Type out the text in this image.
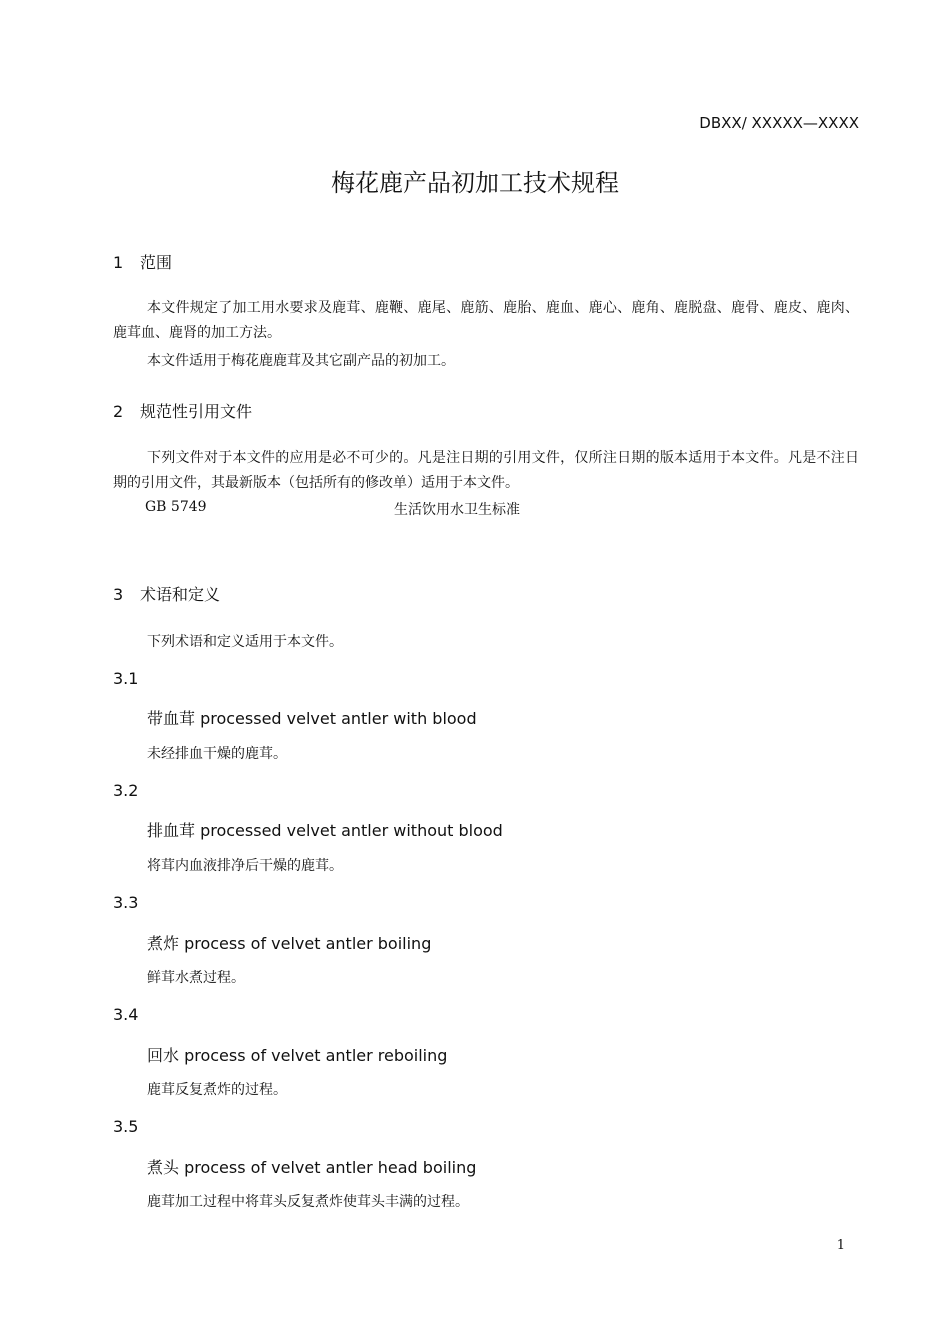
DBXX/ XXXXX—XXXX
梅花鹿产品初加工技术规程
1 范围
本文件规定了加工用水要求及鹿茸、鹿鞭、鹿尾、鹿筋、鹿胎、鹿血、鹿心、鹿角、鹿脱盘、鹿骨、鹿皮、鹿肉、鹿茸血、鹿肾的加工方法。
本文件适用于梅花鹿鹿茸及其它副产品的初加工。
2 规范性引用文件
下列文件对于本文件的应用是必不可少的。凡是注日期的引用文件，仅所注日期的版本适用于本文件。凡是不注日期的引用文件，其最新版本（包括所有的修改单）适用于本文件。
GB 5749	生活饮用水卫生标准
3 术语和定义
下列术语和定义适用于本文件。
3.1
带血茸 processed velvet antler with blood
未经排血干燥的鹿茸。
3.2
排血茸 processed velvet antler without blood
将茸内血液排净后干燥的鹿茸。
3.3
煮炸 process of velvet antler boiling
鲜茸水煮过程。
3.4
回水 process of velvet antler reboiling
鹿茸反复煮炸的过程。
3.5
煮头 process of velvet antler head boiling
鹿茸加工过程中将茸头反复煮炸使茸头丰满的过程。
1
